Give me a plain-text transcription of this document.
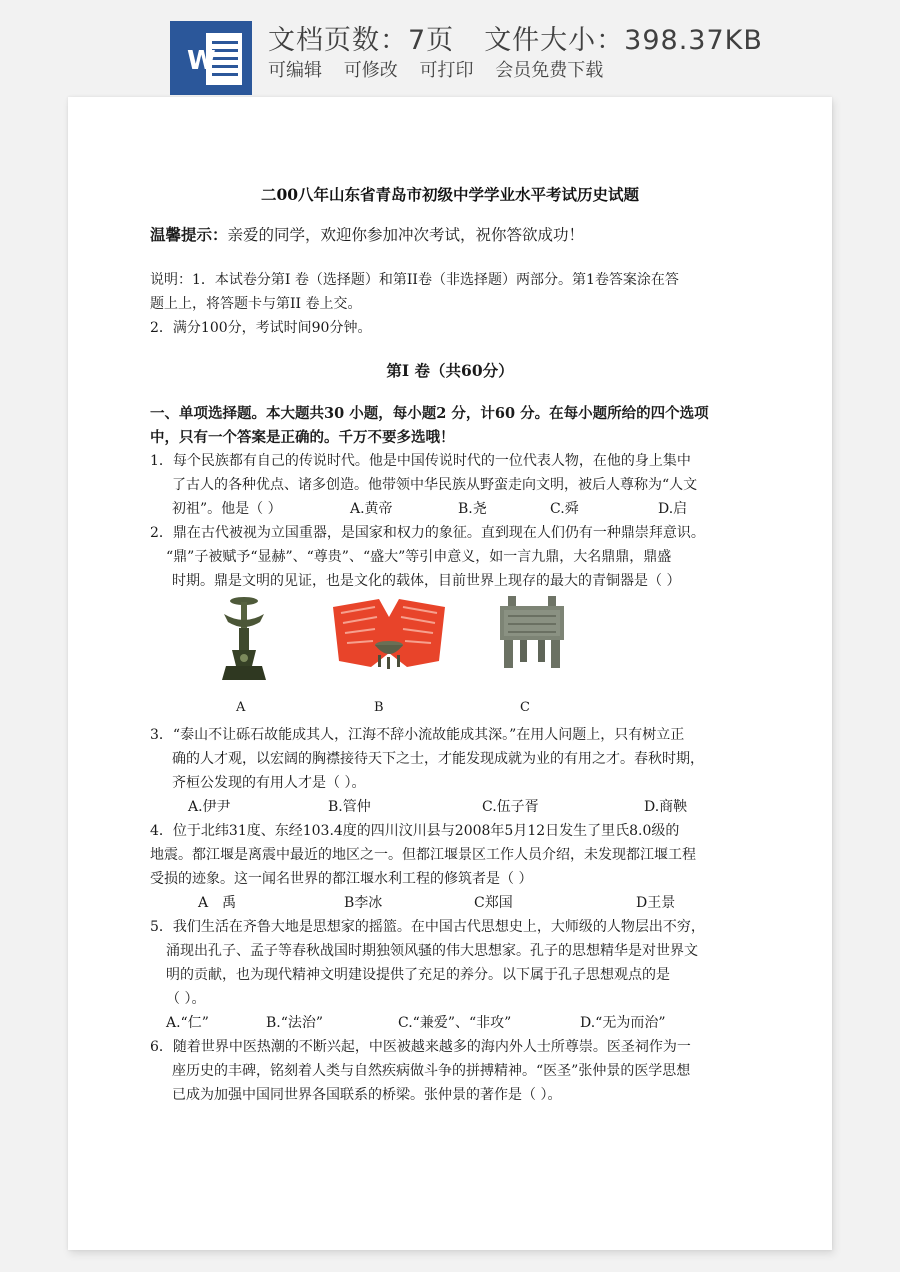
W
文档页数：7页 文件大小：398.37KB
可编辑 可修改 可打印 会员免费下载
二00八年山东省青岛市初级中学学业水平考试历史试题
温馨提示：亲爱的同学，欢迎你参加冲次考试，祝你答欲成功！
说明：1．本试卷分第Ⅰ 卷（选择题）和第II卷（非选择题）两部分。第1卷答案涂在答
题上上，将答题卡与第II 卷上交。
2．满分100分，考试时间90分钟。
第Ⅰ 卷（共60分）
一、单项选择题。本大题共30 小题，每小题2 分，计60 分。在每小题所给的四个选项
中，只有一个答案是正确的。千万不要多选哦！
1．每个民族都有自己的传说时代。他是中国传说时代的一位代表人物，在他的身上集中
了古人的各种优点、诸多创造。他带领中华民族从野蛮走向文明，被后人尊称为“人文
初祖”。他是（ ）	A.黄帝	B.尧	C.舜	D.启
2．鼎在古代被视为立国重器，是国家和权力的象征。直到现在人们仍有一种鼎崇拜意识。
“鼎”子被赋予“显赫”、“尊贵”、“盛大”等引申意义，如一言九鼎，大名鼎鼎，鼎盛
时期。鼎是文明的见证，也是文化的载体，目前世界上现存的最大的青铜器是（ ）
A	B	C
3．“泰山不让砾石故能成其人，江海不辞小流故能成其深。”在用人问题上，只有树立正
确的人才观，以宏阔的胸襟接待天下之士，才能发现成就为业的有用之才。春秋时期，
齐桓公发现的有用人才是（ ）。
A.伊尹	B.管仲	C.伍子胥	D.商鞅
4．位于北纬31度、东经103.4度的四川汶川县与2008年5月12日发生了里氏8.0级的
地震。都江堰是离震中最近的地区之一。但都江堰景区工作人员介绍，未发现都江堰工程
受损的迹象。这一闻名世界的都江堰水利工程的修筑者是（ ）
A　禹	B李冰	C郑国	D王景
5．我们生活在齐鲁大地是思想家的摇篮。在中国古代思想史上，大师级的人物层出不穷，
涌现出孔子、孟子等春秋战国时期独领风骚的伟大思想家。孔子的思想精华是对世界文
明的贡献，也为现代精神文明建设提供了充足的养分。以下属于孔子思想观点的是
（ ）。
A.“仁”	B.“法治”	C.“兼爱”、“非攻”	D.“无为而治”
6．随着世界中医热潮的不断兴起，中医被越来越多的海内外人士所尊崇。医圣祠作为一
座历史的丰碑，铭刻着人类与自然疾病做斗争的拼搏精神。“医圣”张仲景的医学思想
已成为加强中国同世界各国联系的桥梁。张仲景的著作是（ ）。
